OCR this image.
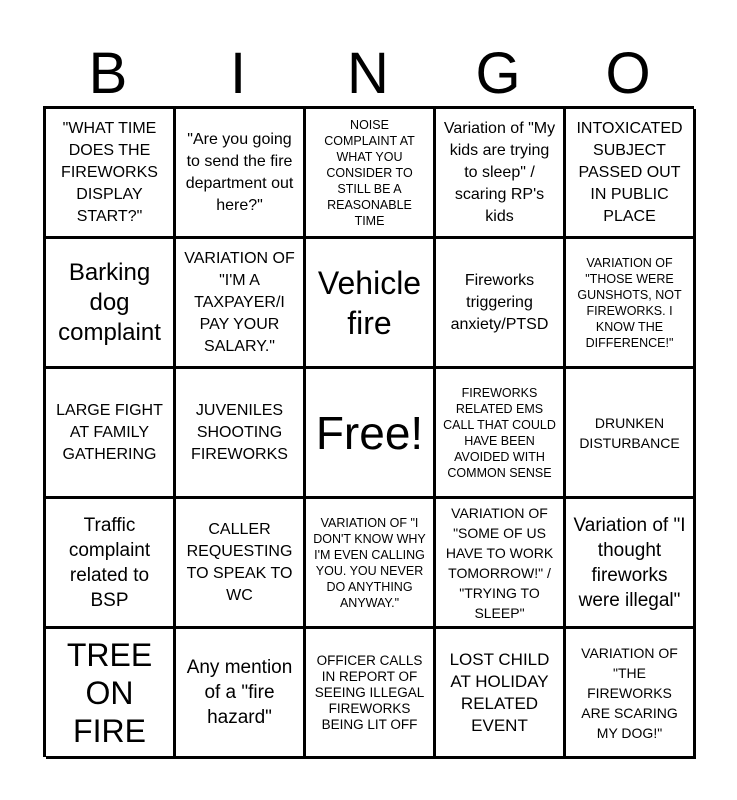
B	I	N	G	O
"WHAT TIME DOES THE FIREWORKS DISPLAY START?"
"Are you going to send the fire department out here?"
NOISE COMPLAINT AT WHAT YOU CONSIDER TO STILL BE A REASONABLE TIME
Variation of "My kids are trying to sleep" / scaring RP's kids
INTOXICATED SUBJECT PASSED OUT IN PUBLIC PLACE
Barking dog complaint
VARIATION OF "I'M A TAXPAYER/I PAY YOUR SALARY."
Vehicle fire
Fireworks triggering anxiety/PTSD
VARIATION OF "THOSE WERE GUNSHOTS, NOT FIREWORKS. I KNOW THE DIFFERENCE!"
LARGE FIGHT AT FAMILY GATHERING
JUVENILES SHOOTING FIREWORKS Free!
FIREWORKS RELATED EMS CALL THAT COULD HAVE BEEN AVOIDED WITH COMMON SENSE
DRUNKEN DISTURBANCE
Traffic complaint related to BSP
CALLER REQUESTING TO SPEAK TO WC
VARIATION OF "I DON'T KNOW WHY I'M EVEN CALLING YOU. YOU NEVER DO ANYTHING ANYWAY."
VARIATION OF "SOME OF US HAVE TO WORK TOMORROW!" / "TRYING TO SLEEP"
Variation of "I thought fireworks were illegal"
TREE ON FIRE
Any mention of a "fire hazard"
OFFICER CALLS IN REPORT OF SEEING ILLEGAL FIREWORKS BEING LIT OFF
LOST CHILD AT HOLIDAY RELATED EVENT
VARIATION OF "THE FIREWORKS ARE SCARING MY DOG!"
